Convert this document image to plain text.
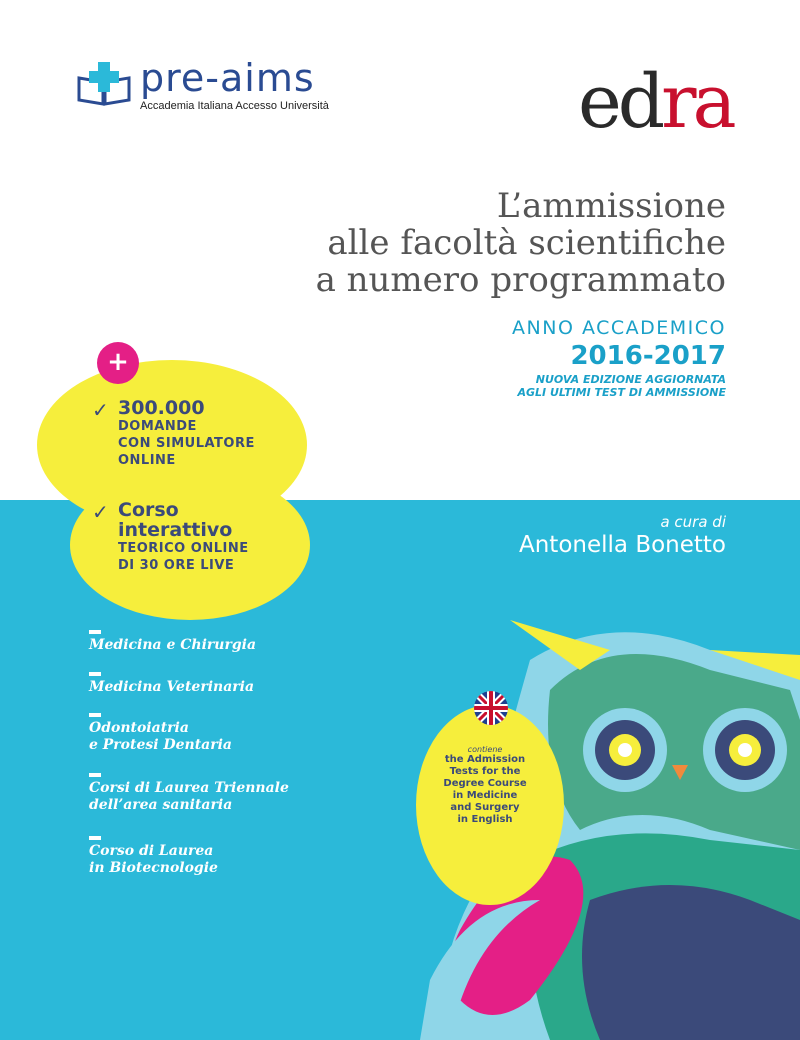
pre-aims
Accademia Italiana Accesso Università	edra
L’ammissione
alle facoltà scientifiche
a numero programmato
ANNO ACCADEMICO
2016-2017
NUOVA EDIZIONE AGGIORNATA
AGLI ULTIMI TEST DI AMMISSIONE
+
✓ 300.000
DOMANDE
CON SIMULATORE
ONLINE
✓ Corso
interattivo
TEORICO ONLINE
DI 30 ORE LIVE
a cura di
Antonella Bonetto
Medicina e Chirurgia
Medicina Veterinaria
Odontoiatria
e Protesi Dentaria
Corsi di Laurea Triennale
dell’area sanitaria
Corso di Laurea
in Biotecnologie
contiene
the Admission
Tests for the
Degree Course
in Medicine
and Surgery
in English
